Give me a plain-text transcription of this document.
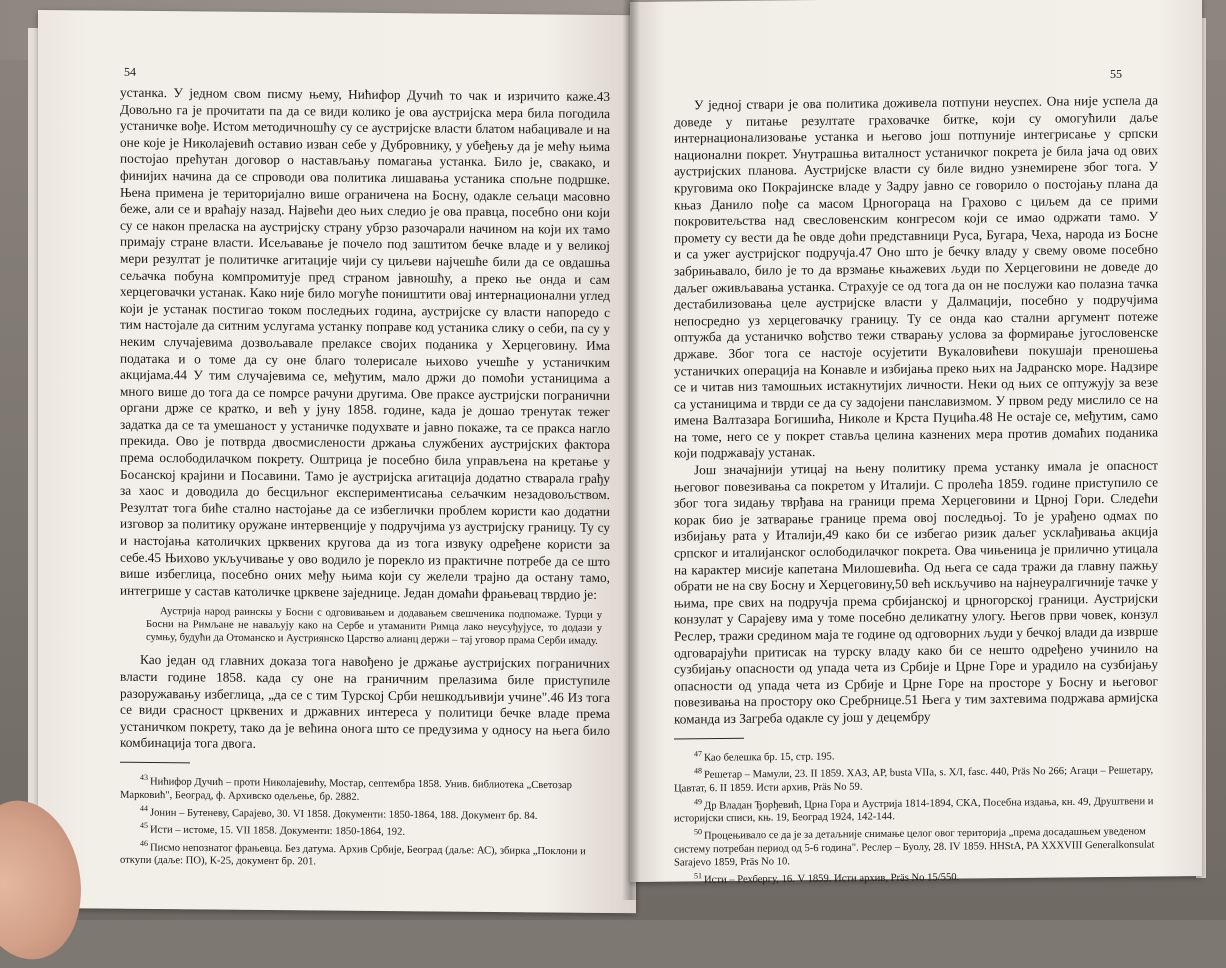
54

устанка. У једном свом писму њему, Нићифор Дучић то чак и изричито каже.43 Довољно га је прочитати па да се види колико је ова аустријска мера била погодила устаничке вође. Истом методичношћу су се аустријске власти блатом набацивале и на оне које је Николајевић оставио изван себе у Дубровнику, у убеђењу да је мећу њима постојао прећутан договор о настављању помагања устанка. Било је, свакако, и финијих начина да се спроводи ова политика лишавања устаника спољне подршке. Њена примена је територијално више ограничена на Босну, одакле сељаци масовно беже, али се и враћају назад. Највећи део њих следио је ова правца, посебно они који су се након преласка на аустријску страну убрзо разочарали начином на који их тамо примају стране власти. Исељавање је почело под заштитом бечке владе и у великој мери резултат је политичке агитације чији су циљеви најчешће били да се овдашња сељачка побуна компромитује пред страном јавношћу, а преко ње онда и сам херцеговачки устанак. Како није било могуће поништити овај интернационални углед који је устанак постигао током последњих година, аустријске су власти напоредо с тим настојале да ситним услугама устанку поправе код устаника слику о себи, па су у неким случајевима дозвољавале прелаксе својих поданика у Херцеговину. Има података и о томе да су оне благо толерисале њихово учешће у устаничким акцијама.44 У тим случајевима се, међутим, мало држи до помоћи устаницима а много више до тога да се помрсе рачуни другима. Ове праксе аустријски погранични органи држе се кратко, и већ у јуну 1858. године, када је дошао тренутак тежег задатка да се та умешаност у устаничке подухвате и јавно покаже, та се пракса нагло прекида. Ово је потврда двосмислености држања службених аустријских фактора према ослободилачком покрету. Оштрица је посебно била управљена на кретање у Босанској крајини и Посавини. Тамо је аустријска агитација додатно стварала грађу за хаос и доводила до бесциљног експериментисања сељачким незадовољством. Резултат тога биће стално настојање да се избеглички проблем користи као додатни изговор за политику оружане интервенције у подручјима уз аустријску границу. Ту су и настојања католичких црквених кругова да из тога извуку одређене користи за себе.45 Њихово укључивање у ово водило је порекло из практичне потребе да се што више избеглица, посебно оних међу њима који су желели трајно да останy тамо, интегрише у састав католичке црквене заједнице. Један домаћи фрањевац тврдио је:

Аустрија народ раинскы у Босни с одговивањем и додавањем свешченика подпомаже. Турци у Босни на Римљане не наваљују како на Сербе и утаманити Римца лако неусуђујусе, то додази у сумњу, будући да Отоманско и Аустриянско Царство алианц держи – тај уговор прама Серби имаду.

Као један од главних доказа тога навођено је држање аустријских пограничних власти године 1858. када су оне на граничним прелазима биле приступиле разоружавању избеглица, „да се с тим Турској Срби нешкодљивији учине".46 Из тога се види срасност црквених и државних интереса у политици бечке владе према устаничком покрету, тако да је већина онога што се предузима у односу на њега било комбинација тога двога.

$^{43}$ Нићифор Дучић – проти Николајевићу, Мостар, септембра 1858. Унив. библиотека „Светозар Марковић", Београд, ф. Архивско одељење, бр. 2882.

$^{44}$ Јонин – Бутеневу, Сарајево, 30. VI 1858. Документи: 1850-1864, 188. Документ бр. 84.

$^{45}$ Исти – истоме, 15. VII 1858. Документи: 1850-1864, 192.

$^{46}$ Писмо непознатог фрањевца. Без датума. Архив Србије, Београд (даље: АС), збирка „Поклони и откупи (даље: ПО), К-25, документ бр. 201.

55

У једној ствари је ова политика доживела потпуни неуспех. Она није успела да доведе у питање резултате граховачке битке, који су омогућили даље интернационализовање устанка и његово још потпуније интегрисање у српски национални покрет. Унутрашња виталност устаничког покрета је била јача од ових аустријских планова. Аустријске власти су биле видно узнемирене због тога. У круговима око Покрајинске владе у Задру јавно се говорило о постојању плана да књаз Данило пође са масом Црногораца на Грахово с циљем да се прими покровитељства над свесловенским конгресом који се имао одржати тамо. У промету су вести да ће овде доћи представници Руса, Бугара, Чеха, народа из Босне и са ужег аустријског подручја.47 Оно што је бечку владу у свему овоме посебно забрињавало, било је то да врзмање књажевих људи по Херцеговини не доведе до даљег оживљавања устанка. Страхује се од тога да он не послужи као полазна тачка дестабилизовања целе аустријске власти у Далмацији, посебно у подручјима непосредно уз херцеговачку границу. Ту се онда као стални аргумент потеже оптужба да устаничко вођство тежи стварању услова за формирање југословенске државе. Због тога се настоје осујетити Вукаловићеви покушаји преношења устаничких операција на Конавле и избијања преко њих на Јадранско море. Надзире се и читав низ тамошњих истакнутијих личности. Неки од њих се оптужују за везе са устаницима и тврди се да су задојени панславизмом. У првом реду мислило се на имена Валтазара Богишића, Николе и Крста Пуцића.48 Не остаје се, међутим, само на томе, него се у покрет ставља целина казнених мера против домаћих поданика који подржавају устанак.

Још значајнији утицај на њену политику према устанку имала је опасност његовог повезивања са покретом у Италији. С пролећа 1859. године приступило се због тога зидању тврђава на граници према Херцеговини и Црној Гори. Следећи корак био је затварање границе према овој последњој. То је урађено одмах по избијању рата у Италији,49 како би се избегао ризик даљег усклађивања акција српског и италијанског ослободилачког покрета. Ова чињеница је прилично утицала на карактер мисије капетана Милошевића. Од њега се сада тражи да главну пажњу обрати не на сву Босну и Херцеговину,50 већ искључиво на најнеуралгичније тачке у њима, пре свих на подручја према србијанској и црногорској граници. Аустријски конзулат у Сарајеву има у томе посебно деликатну улогу. Његов први човек, конзул Реслер, тражи средином маја те године од одговорних људи у бечкој влади да изврше одговарајући притисак на турску владу како би се нешто одређено учинило на сузбијању опасности од упада чета из Србије и Црне Горе и урадило на сузбијању опасности од упада чета из Србије и Црне Горе на просторе у Босну и његовог повезивања на простору око Сребрнице.51 Њега у тим захтевима подржава армијска команда из Загреба одакле су још у децембру

$^{47}$ Као белешка бр. 15, стр. 195.

$^{48}$ Решетар – Мамули, 23. II 1859. ХАЗ, АР, busta VIIa, s. Х/I, fasc. 440, Präs No 266; Агаци – Решетару, Цавтат, 6. II 1859. Исти архив, Präs No 59.

$^{49}$ Др Владан Ђорђевић, Црна Гора и Аустрија 1814-1894, СКА, Посебна издања, кн. 49, Друштвени и историјски списи, књ. 19, Београд 1924, 142-144.

$^{50}$ Процењивало се да је за детаљније снимање целог овог територија „према досадашњем уведеном систему потребан период од 5-6 година". Реслер – Буолу, 28. IV 1859. HHStA, PA XXXVIII Generalkonsulat Sarajevo 1859, Präs No 10.

$^{51}$ Исти – Рехбергу, 16. V 1859. Исти архив, Präs No 15/550.
